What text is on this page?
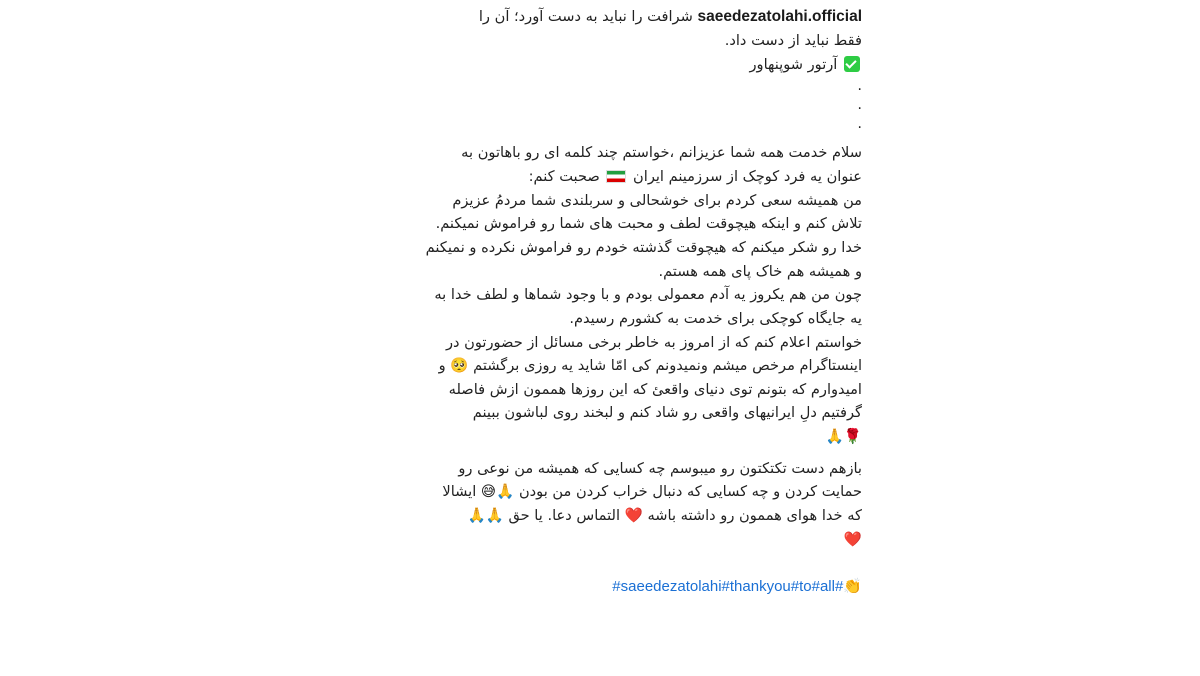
saeedezatolahi.official شرافت را نباید به دست آورد؛ آن را
فقط نباید از دست داد.

آرتور شوپنهاور

.
.
.

سلام خدمت همه شما عزیزانم ،خواستم چند کلمه ای رو باهاتون به
عنوان یه فرد کوچک از سرزمینم ایران  صحبت کنم:

من همیشه سعی کردم برای خوشحالی و سربلندی شما مردمُ عزیزم
تلاش کنم و اینکه هیچوقت لطف و محبت های شما رو فراموش نمیکنم.
خدا رو شکر میکنم که هیچوقت گذشته خودم رو فراموش نکرده و نمیکنم
و همیشه هم خاک پای همه هستم.

چون من هم یکروز یه آدم معمولی بودم و با وجود شماها و لطف خدا به
یه جایگاه کوچکی برای خدمت به کشورم رسیدم.

خواستم اعلام کنم که از امروز به خاطر برخی مسائل از حضورتون در
اینستاگرام مرخص میشم ونمیدونم کی امّا شاید یه روزی برگشتم 🥺 و
امیدوارم که بتونم توی دنیای واقعیٔ که این روزها هممون ازش فاصله
گرفتیم دلِ ایرانیهای واقعی رو شاد کنم و لبخند روی لباشون ببینم
🌹🙏

بازهم دست تکتکتون رو میبوسم چه کسایی که همیشه من نوعی رو
حمایت کردن و چه کسایی که دنبال خراب کردن من بودن 🙏😅 ایشالا
که خدا هوای هممون رو داشته باشه ❤️ التماس دعا. یا حق 🙏🙏
❤️

#saeedezatolahi#thankyou#to#all#👏
